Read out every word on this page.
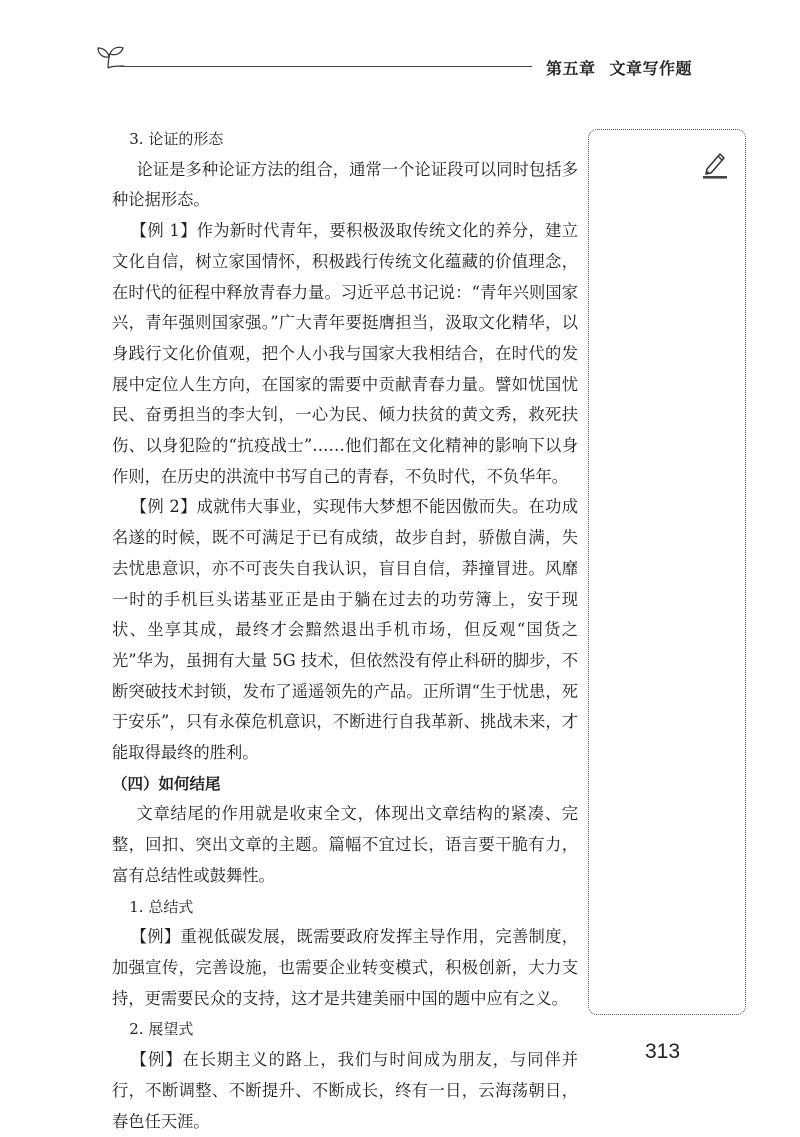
第五章 文章写作题

3. 论证的形态

论证是多种论证方法的组合，通常一个论证段可以同时包括多种论据形态。

【例 1】作为新时代青年，要积极汲取传统文化的养分，建立文化自信，树立家国情怀，积极践行传统文化蕴藏的价值理念，在时代的征程中释放青春力量。习近平总书记说：“青年兴则国家兴，青年强则国家强。”广大青年要挺膺担当，汲取文化精华，以身践行文化价值观，把个人小我与国家大我相结合，在时代的发展中定位人生方向，在国家的需要中贡献青春力量。譬如忧国忧民、奋勇担当的李大钊，一心为民、倾力扶贫的黄文秀，救死扶伤、以身犯险的“抗疫战士”……他们都在文化精神的影响下以身作则，在历史的洪流中书写自己的青春，不负时代，不负华年。

【例 2】成就伟大事业，实现伟大梦想不能因傲而失。在功成名遂的时候，既不可满足于已有成绩，故步自封，骄傲自满，失去忧患意识，亦不可丧失自我认识，盲目自信，莽撞冒进。风靡一时的手机巨头诺基亚正是由于躺在过去的功劳簿上，安于现状、坐享其成，最终才会黯然退出手机市场，但反观“国货之光”华为，虽拥有大量 5G 技术，但依然没有停止科研的脚步，不断突破技术封锁，发布了遥遥领先的产品。正所谓“生于忧患，死于安乐”，只有永葆危机意识，不断进行自我革新、挑战未来，才能取得最终的胜利。

（四）如何结尾

文章结尾的作用就是收束全文，体现出文章结构的紧凑、完整，回扣、突出文章的主题。篇幅不宜过长，语言要干脆有力，富有总结性或鼓舞性。

1. 总结式

【例】重视低碳发展，既需要政府发挥主导作用，完善制度，加强宣传，完善设施，也需要企业转变模式，积极创新，大力支持，更需要民众的支持，这才是共建美丽中国的题中应有之义。

2. 展望式

【例】在长期主义的路上，我们与时间成为朋友，与同伴并行，不断调整、不断提升、不断成长，终有一日，云海荡朝日，春色任天涯。

313
